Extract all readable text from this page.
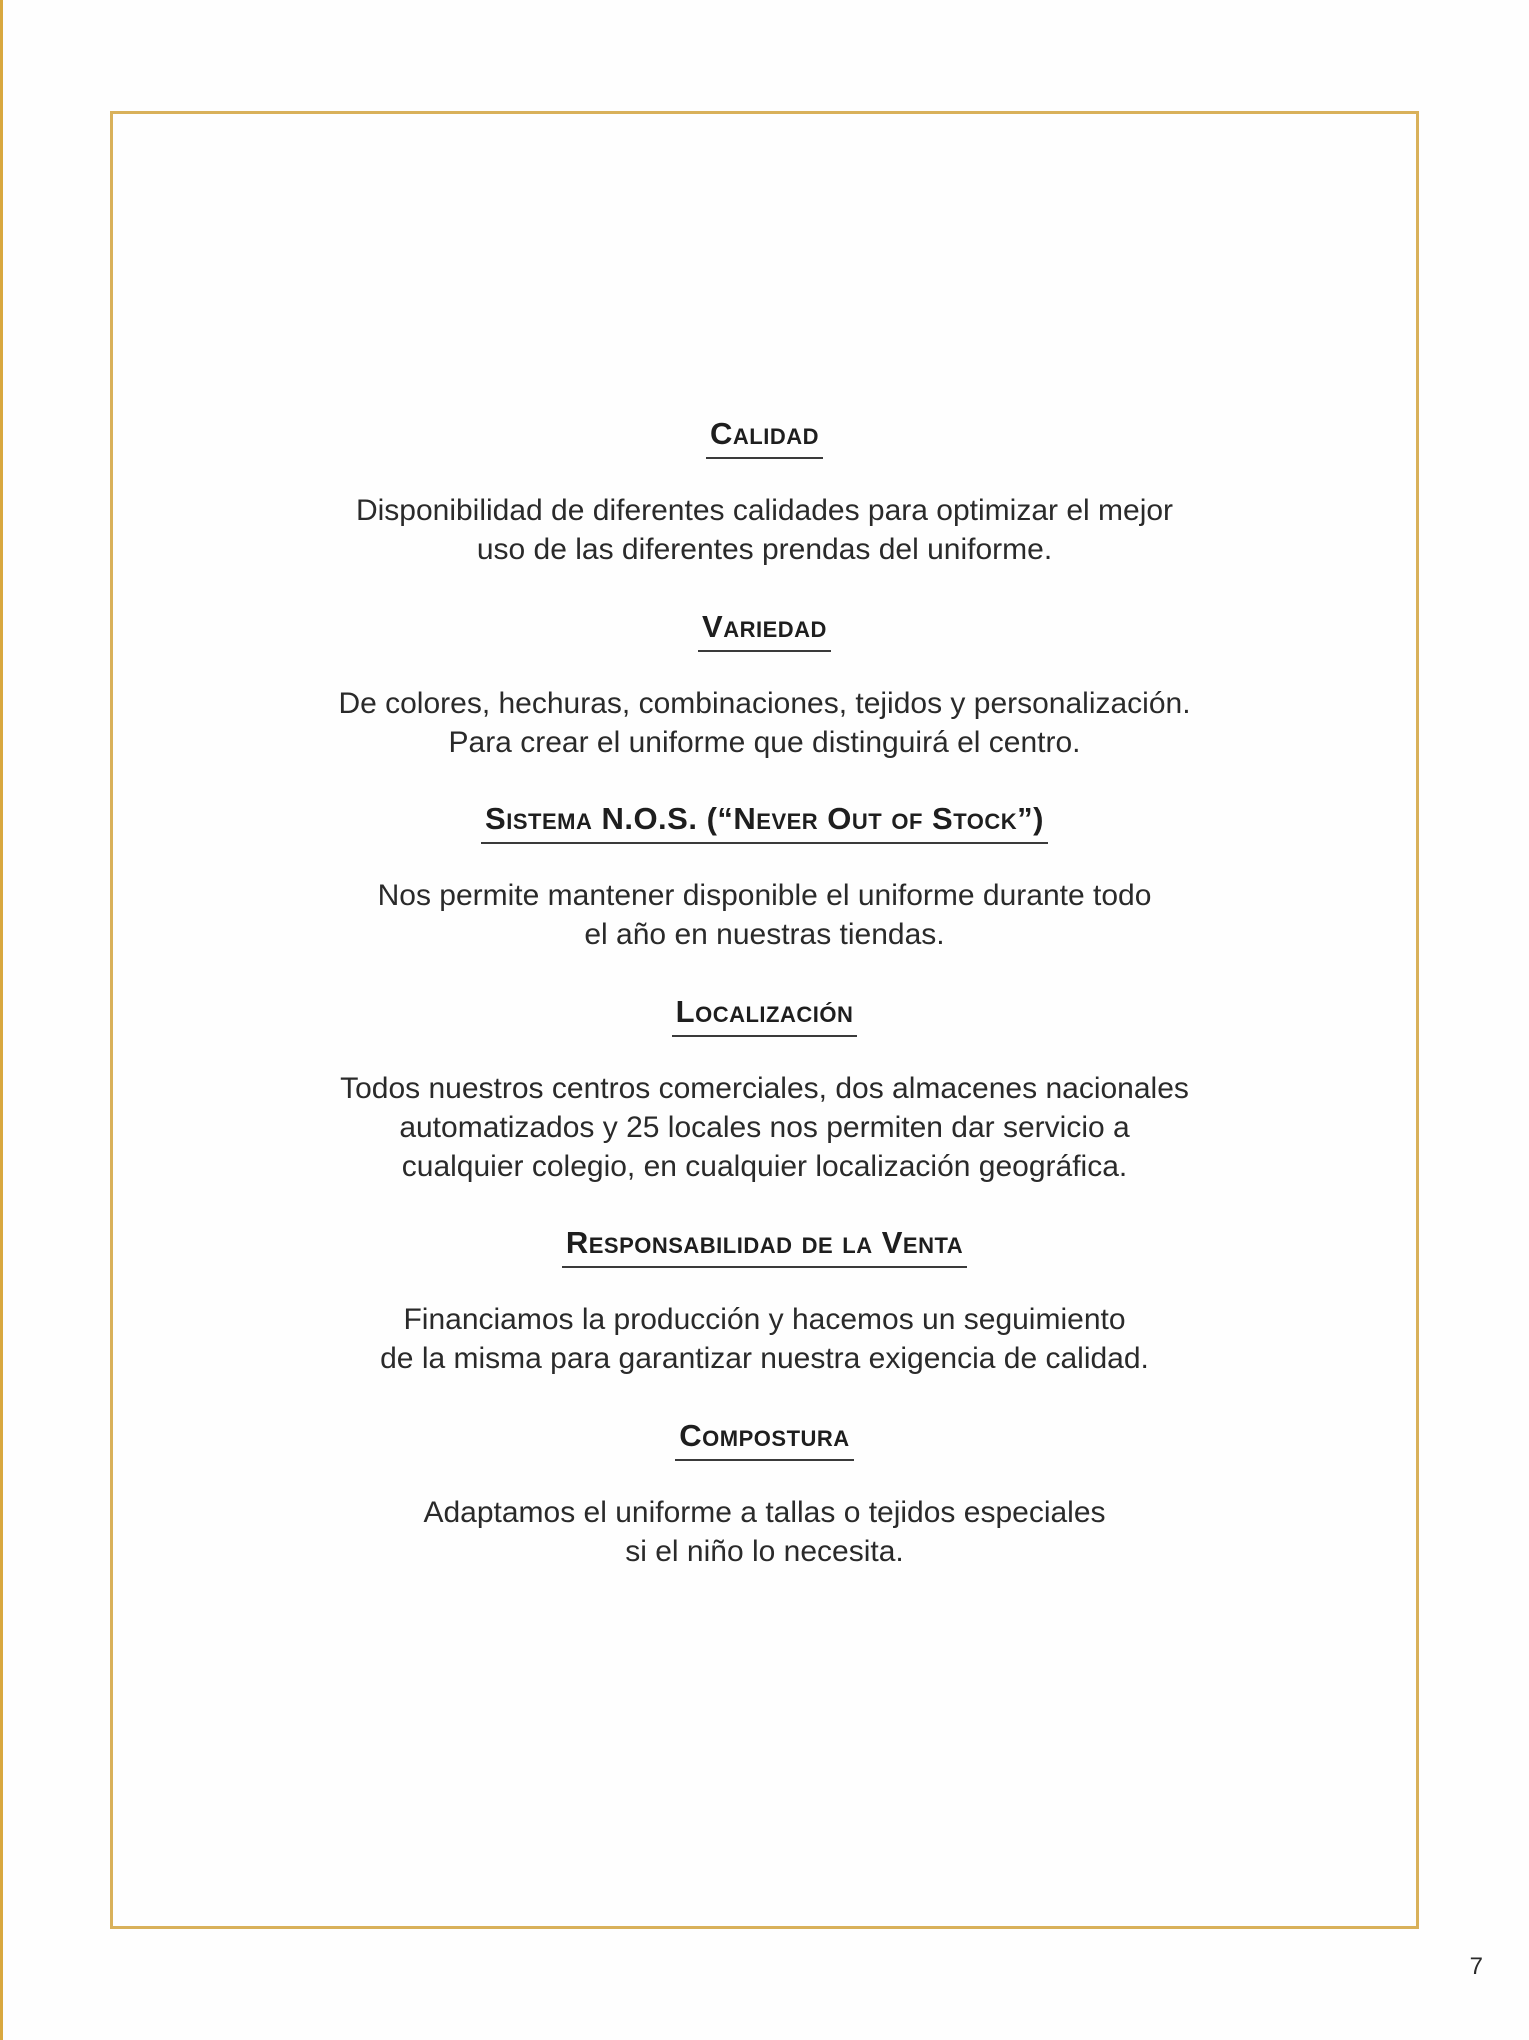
Calidad

Disponibilidad de diferentes calidades para optimizar el mejor
uso de las diferentes prendas del uniforme.

Variedad

De colores, hechuras, combinaciones, tejidos y personalización.
Para crear el uniforme que distinguirá el centro.

Sistema N.O.S. (“Never Out of Stock”)

Nos permite mantener disponible el uniforme durante todo
el año en nuestras tiendas.

Localización

Todos nuestros centros comerciales, dos almacenes nacionales
automatizados y 25 locales nos permiten dar servicio a
cualquier colegio, en cualquier localización geográfica.

Responsabilidad de la Venta

Financiamos la producción y hacemos un seguimiento
de la misma para garantizar nuestra exigencia de calidad.

Compostura

Adaptamos el uniforme a tallas o tejidos especiales
si el niño lo necesita.

7
